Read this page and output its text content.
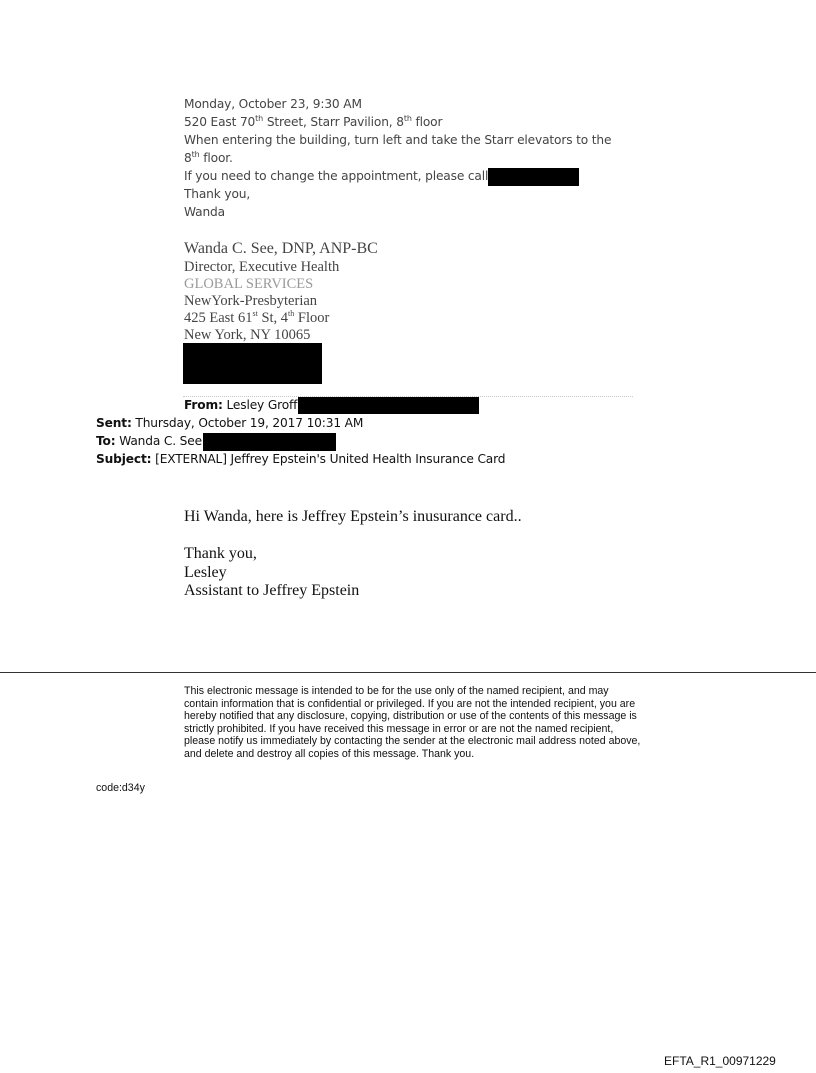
Monday, October 23, 9:30 AM
520 East 70th Street, Starr Pavilion, 8th floor
When entering the building, turn left and take the Starr elevators to the
8th floor.
If you need to change the appointment, please call
Thank you,
Wanda
Wanda C. See, DNP, ANP-BC
Director, Executive Health
GLOBAL SERVICES
NewYork-Presbyterian
425 East 61st St, 4th Floor
New York, NY 10065
From: Lesley Groff
Sent: Thursday, October 19, 2017 10:31 AM
To: Wanda C. See
Subject: [EXTERNAL] Jeffrey Epstein's United Health Insurance Card
Hi Wanda, here is Jeffrey Epstein’s inusurance card..
Thank you,
Lesley
Assistant to Jeffrey Epstein
This electronic message is intended to be for the use only of the named recipient, and may contain information that is confidential or privileged. If you are not the intended recipient, you are hereby notified that any disclosure, copying, distribution or use of the contents of this message is strictly prohibited. If you have received this message in error or are not the named recipient, please notify us immediately by contacting the sender at the electronic mail address noted above, and delete and destroy all copies of this message. Thank you.
code:d34y
EFTA_R1_00971229
